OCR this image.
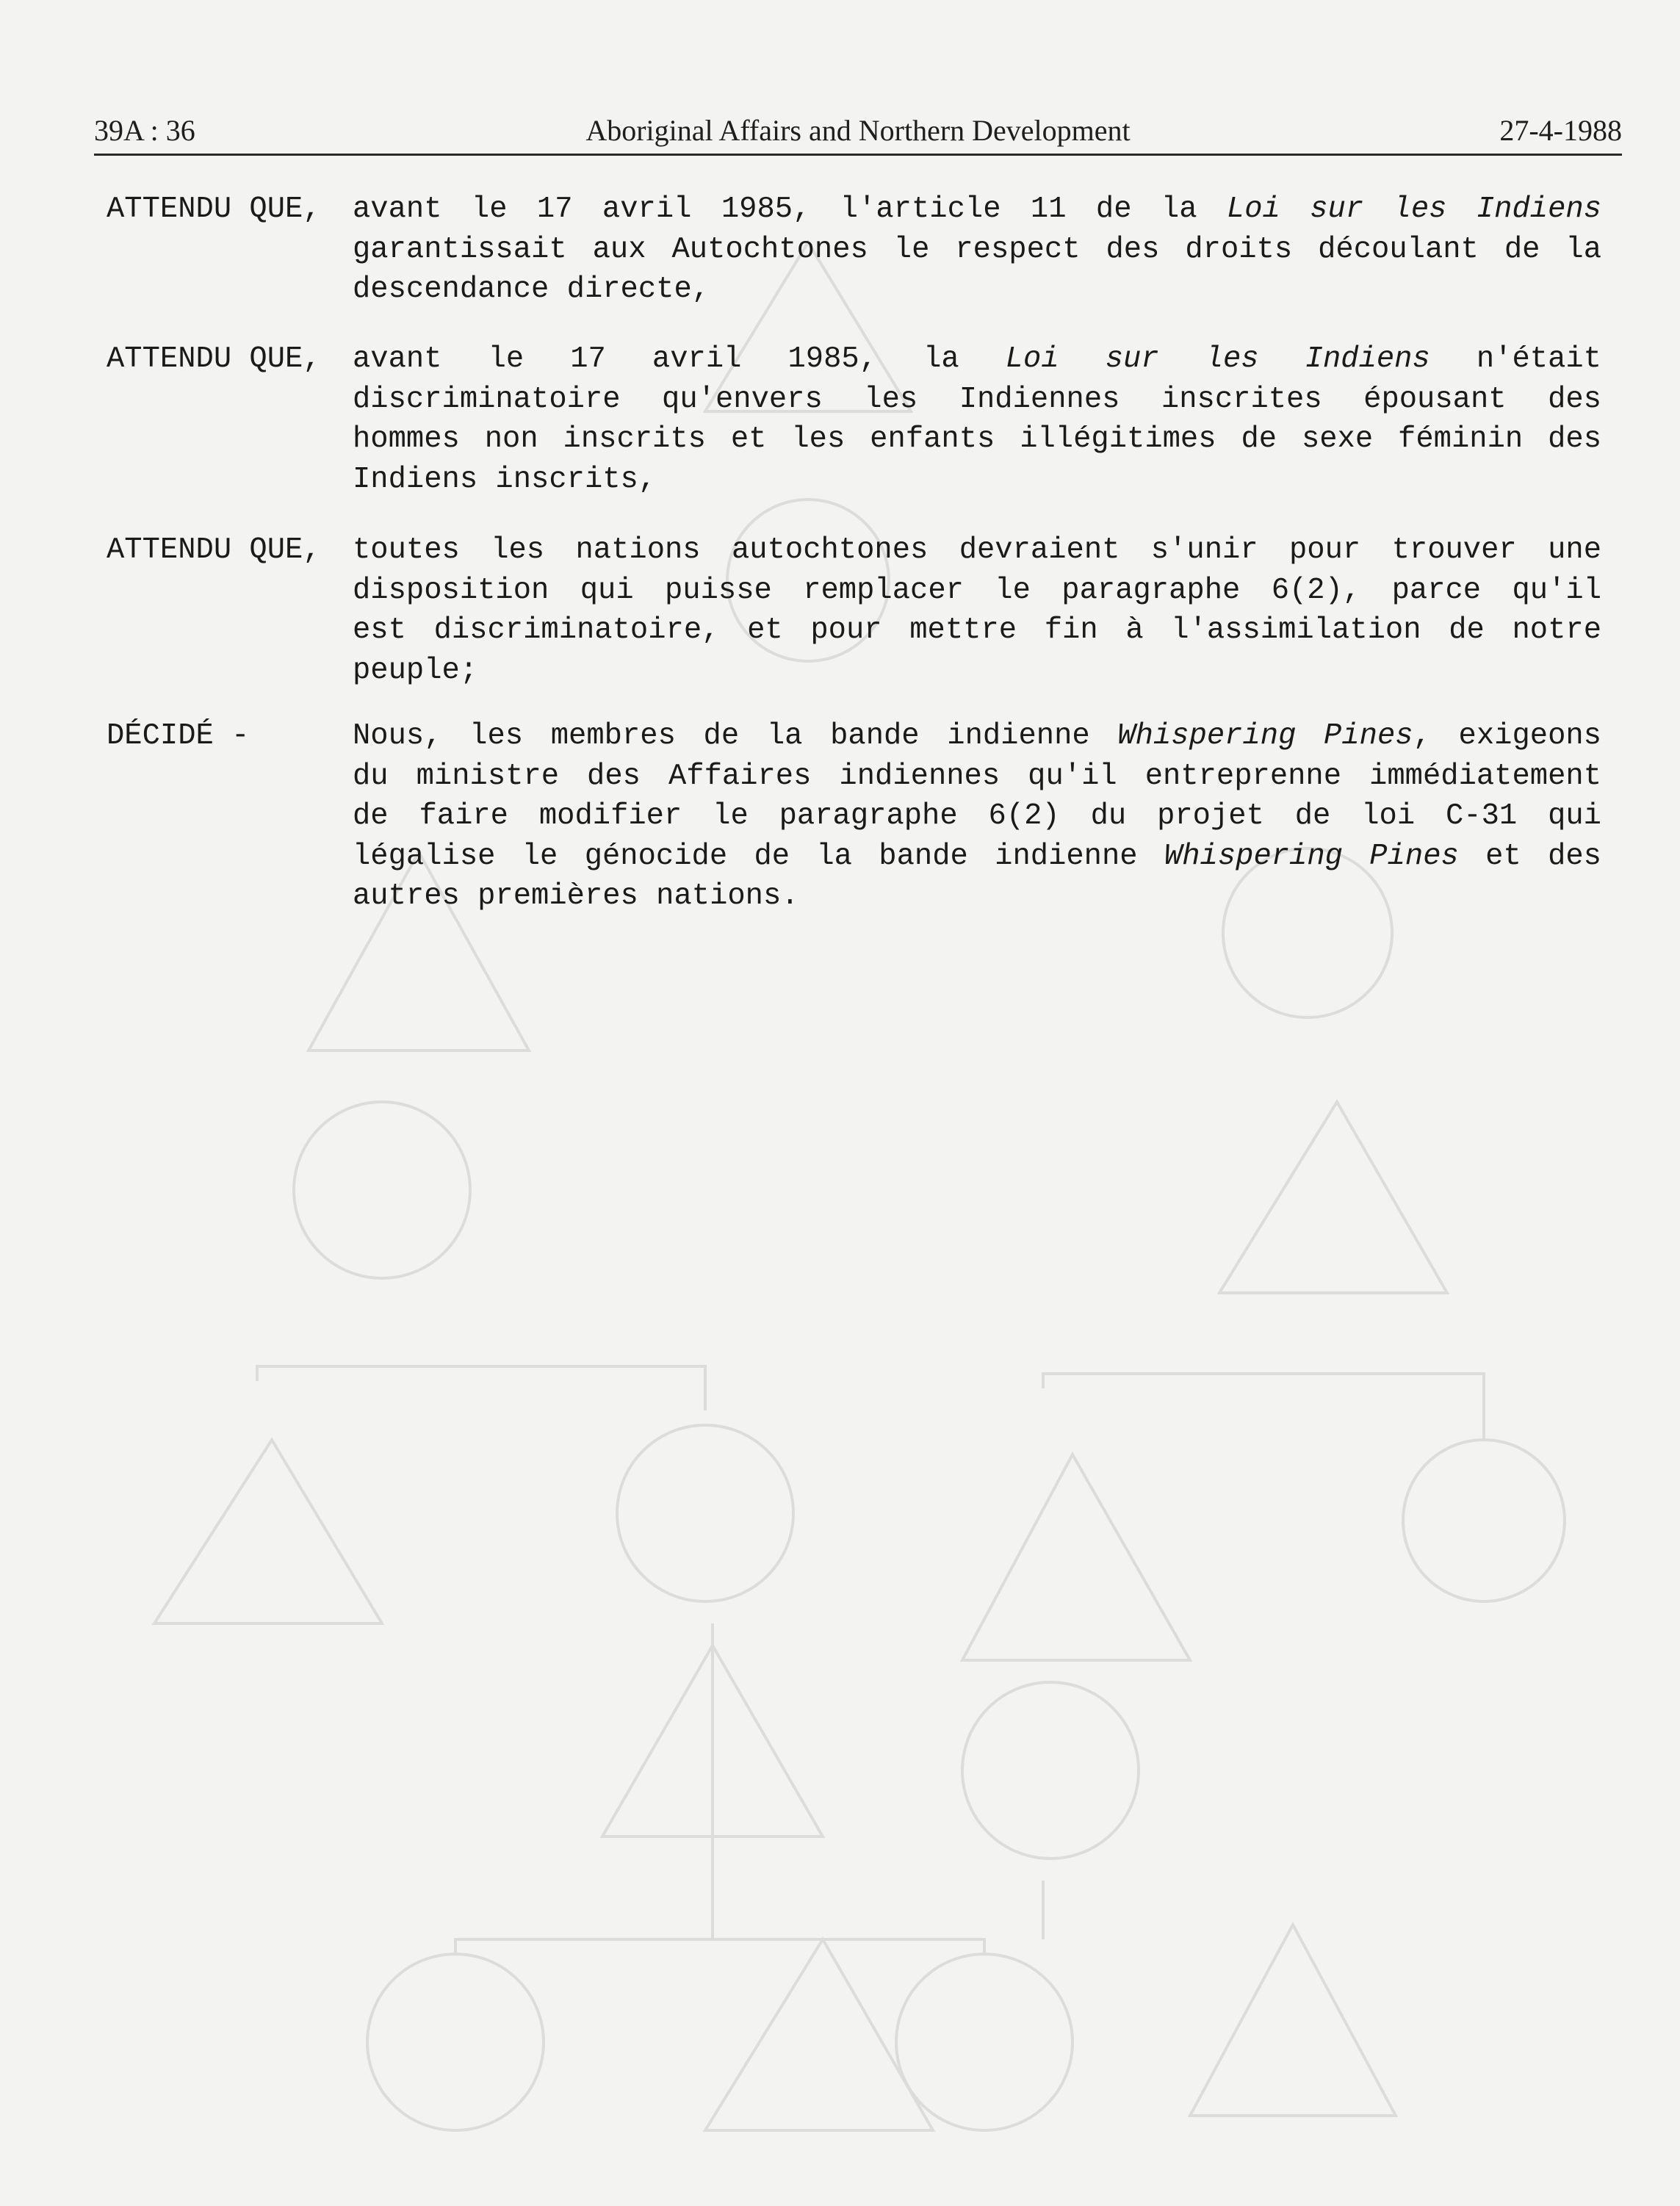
39A : 36	Aboriginal Affairs and Northern Development	27-4-1988
ATTENDU QUE, avant le 17 avril 1985, l'article 11 de la Loi sur les Indiens
garantissait aux Autochtones le respect des droits découlant de la
descendance directe,
ATTENDU QUE, avant le 17 avril 1985, la Loi sur les Indiens n'était
discriminatoire qu'envers les Indiennes inscrites épousant des
hommes non inscrits et les enfants illégitimes de sexe féminin des
Indiens inscrits,
ATTENDU QUE, toutes les nations autochtones devraient s'unir pour trouver une
disposition qui puisse remplacer le paragraphe 6(2), parce qu'il
est discriminatoire, et pour mettre fin à l'assimilation de notre
peuple;
DÉCIDÉ -	Nous, les membres de la bande indienne Whispering Pines, exigeons
du ministre des Affaires indiennes qu'il entreprenne immédiatement
de faire modifier le paragraphe 6(2) du projet de loi C-31 qui
légalise le génocide de la bande indienne Whispering Pines et des
autres premières nations.
